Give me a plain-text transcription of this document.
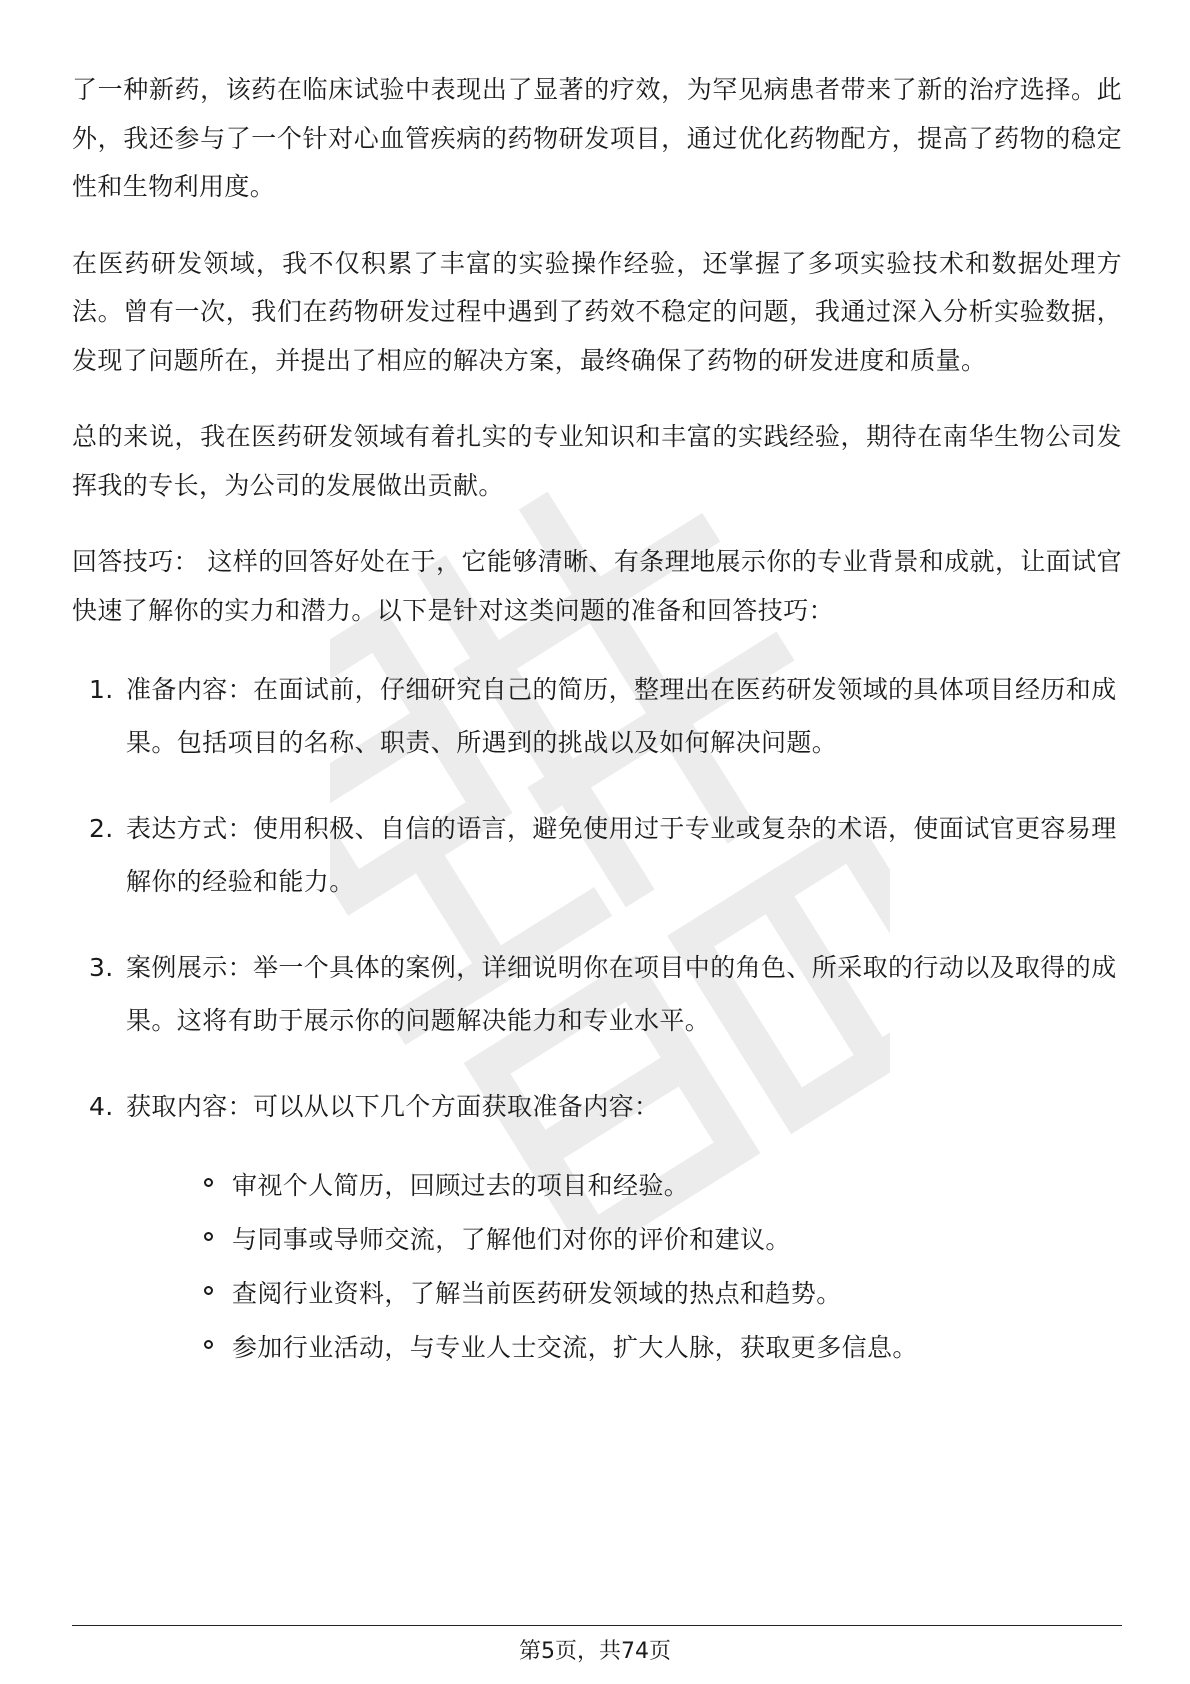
了一种新药，该药在临床试验中表现出了显著的疗效，为罕见病患者带来了新的治疗选择。此外，我还参与了一个针对心血管疾病的药物研发项目，通过优化药物配方，提高了药物的稳定性和生物利用度。

在医药研发领域，我不仅积累了丰富的实验操作经验，还掌握了多项实验技术和数据处理方法。曾有一次，我们在药物研发过程中遇到了药效不稳定的问题，我通过深入分析实验数据，发现了问题所在，并提出了相应的解决方案，最终确保了药物的研发进度和质量。

总的来说，我在医药研发领域有着扎实的专业知识和丰富的实践经验，期待在南华生物公司发挥我的专长，为公司的发展做出贡献。

回答技巧： 这样的回答好处在于，它能够清晰、有条理地展示你的专业背景和成就，让面试官快速了解你的实力和潜力。以下是针对这类问题的准备和回答技巧：

1. 准备内容：在面试前，仔细研究自己的简历，整理出在医药研发领域的具体项目经历和成果。包括项目的名称、职责、所遇到的挑战以及如何解决问题。
2. 表达方式：使用积极、自信的语言，避免使用过于专业或复杂的术语，使面试官更容易理解你的经验和能力。
3. 案例展示：举一个具体的案例，详细说明你在项目中的角色、所采取的行动以及取得的成果。这将有助于展示你的问题解决能力和专业水平。
4. 获取内容：可以从以下几个方面获取准备内容：
审视个人简历，回顾过去的项目和经验。
与同事或导师交流，了解他们对你的评价和建议。
查阅行业资料，了解当前医药研发领域的热点和趋势。
参加行业活动，与专业人士交流，扩大人脉，获取更多信息。
第5页，共74页
